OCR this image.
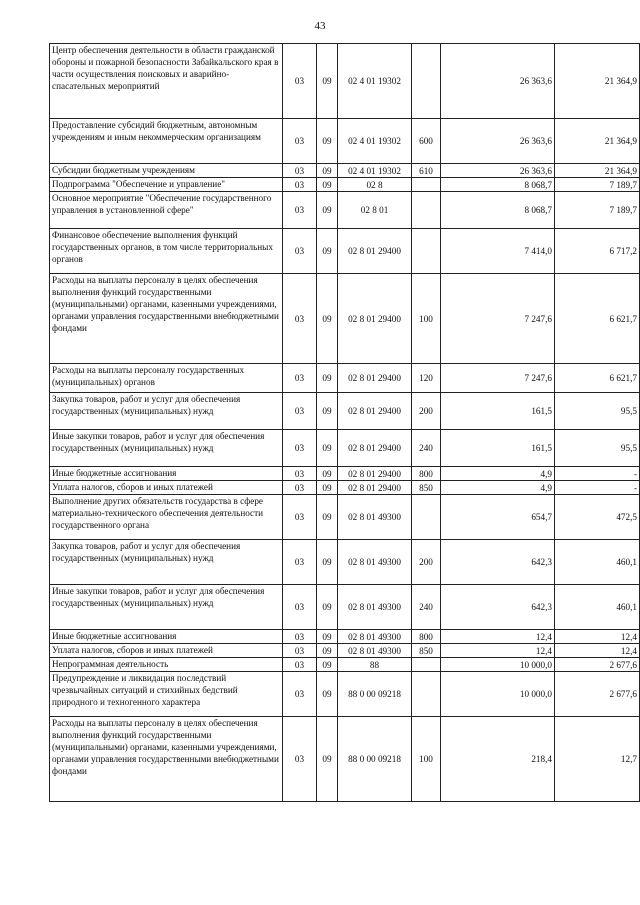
43
Центр обеспечения деятельности в области гражданской обороны и пожарной безопасности Забайкальского края в части осуществления поисковых и аварийно-спасательных мероприятий	03	09	02 4 01 19302		26 363,6	21 364,9
Предоставление субсидий бюджетным, автономным учреждениям и иным некоммерческим организациям	03	09	02 4 01 19302	600	26 363,6	21 364,9
Субсидии бюджетным учреждениям	03	09	02 4 01 19302	610	26 363,6	21 364,9
Подпрограмма "Обеспечение и управление"	03	09	02 8		8 068,7	7 189,7
Основное мероприятие "Обеспечение государственного управления в установленной сфере"	03	09	02 8 01		8 068,7	7 189,7
Финансовое обеспечение выполнения функций государственных органов, в том числе территориальных органов	03	09	02 8 01 29400		7 414,0	6 717,2
Расходы на выплаты персоналу в целях обеспечения выполнения функций государственными (муниципальными) органами, казенными учреждениями, органами управления государственными внебюджетными фондами	03	09	02 8 01 29400	100	7 247,6	6 621,7
Расходы на выплаты персоналу государственных (муниципальных) органов	03	09	02 8 01 29400	120	7 247,6	6 621,7
Закупка товаров, работ и услуг для обеспечения государственных (муниципальных) нужд	03	09	02 8 01 29400	200	161,5	95,5
Иные закупки товаров, работ и услуг для обеспечения государственных (муниципальных) нужд	03	09	02 8 01 29400	240	161,5	95,5
Иные бюджетные ассигнования	03	09	02 8 01 29400	800	4,9	-
Уплата налогов, сборов и иных платежей	03	09	02 8 01 29400	850	4,9	-
Выполнение других обязательств государства в сфере материально-технического обеспечения деятельности государственного органа	03	09	02 8 01 49300		654,7	472,5
Закупка товаров, работ и услуг для обеспечения государственных (муниципальных) нужд	03	09	02 8 01 49300	200	642,3	460,1
Иные закупки товаров, работ и услуг для обеспечения государственных (муниципальных) нужд	03	09	02 8 01 49300	240	642,3	460,1
Иные бюджетные ассигнования	03	09	02 8 01 49300	800	12,4	12,4
Уплата налогов, сборов и иных платежей	03	09	02 8 01 49300	850	12,4	12,4
Непрограммная деятельность	03	09	88		10 000,0	2 677,6
Предупреждение и ликвидация последствий чрезвычайных ситуаций и стихийных бедствий природного и техногенного характера	03	09	88 0 00 09218		10 000,0	2 677,6
Расходы на выплаты персоналу в целях обеспечения выполнения функций государственными (муниципальными) органами, казенными учреждениями, органами управления государственными внебюджетными фондами	03	09	88 0 00 09218	100	218,4	12,7
